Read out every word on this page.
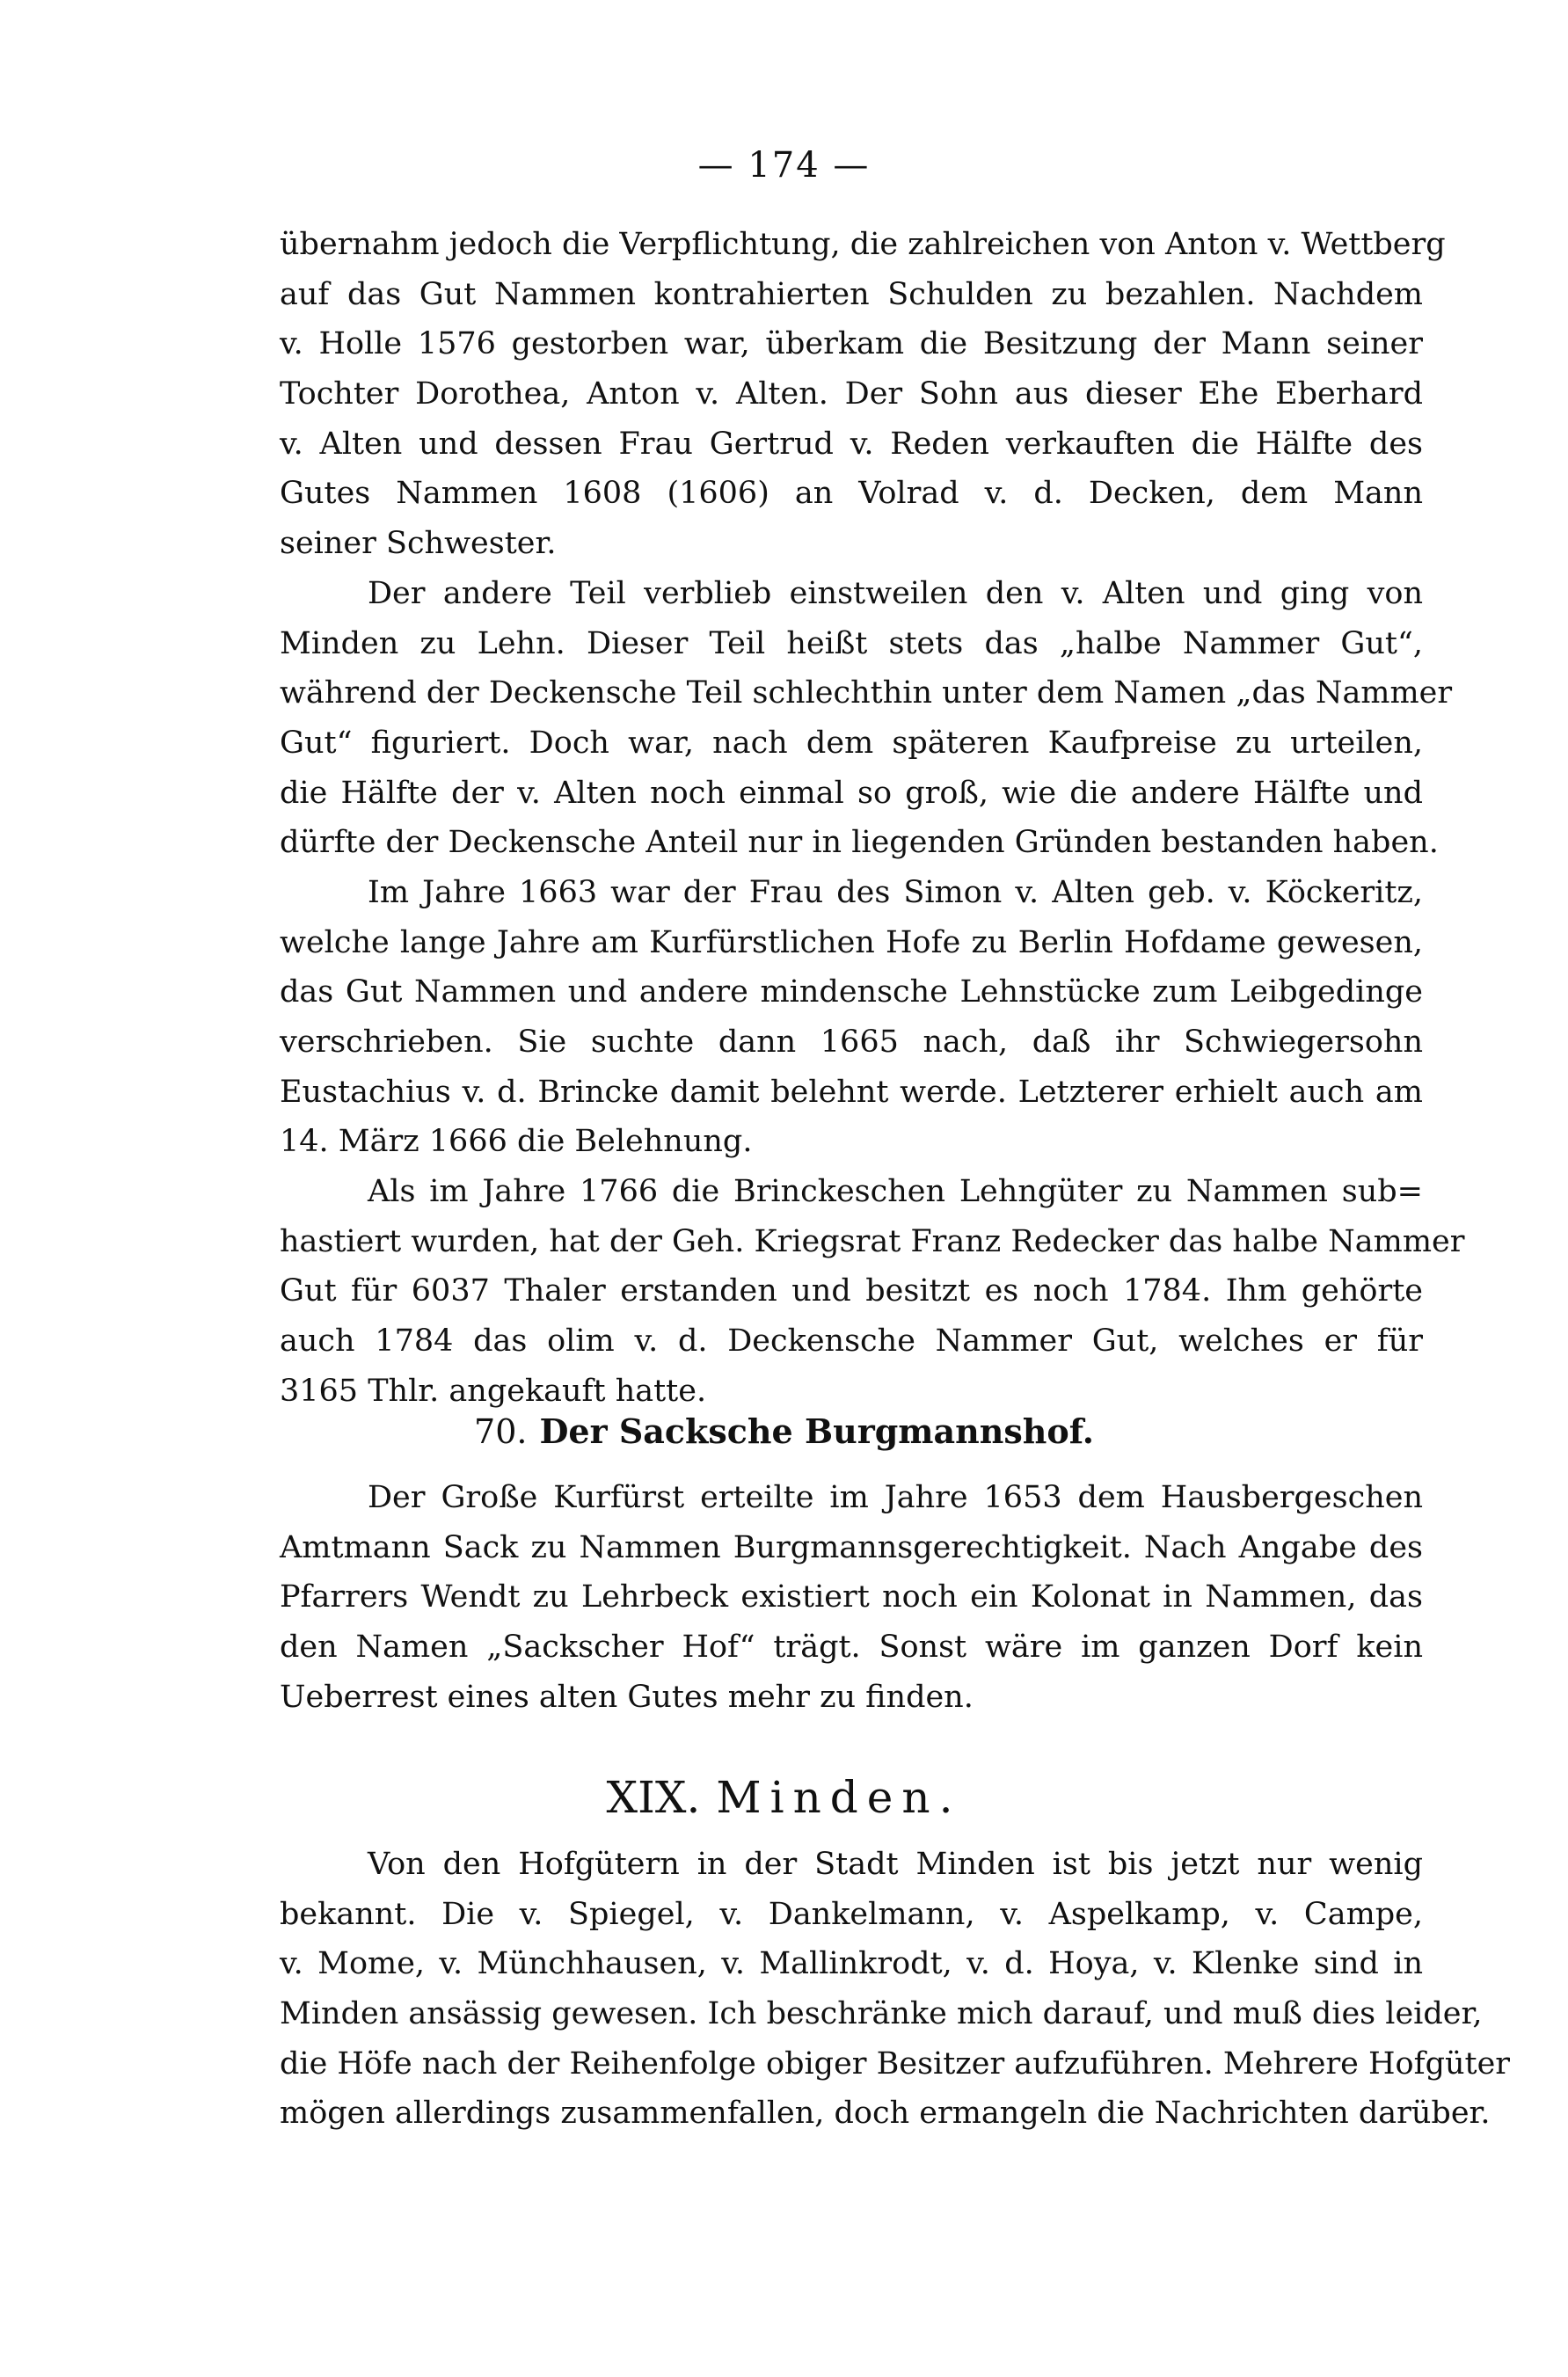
— 174 —
übernahm jedoch die Verpflichtung, die zahlreichen von Anton v. Wettberg
auf das Gut Nammen kontrahierten Schulden zu bezahlen. Nachdem
v. Holle 1576 gestorben war, überkam die Besitzung der Mann seiner
Tochter Dorothea, Anton v. Alten. Der Sohn aus dieser Ehe Eberhard
v. Alten und dessen Frau Gertrud v. Reden verkauften die Hälfte des
Gutes Nammen 1608 (1606) an Volrad v. d. Decken, dem Mann
seiner Schwester.
Der andere Teil verblieb einstweilen den v. Alten und ging von
Minden zu Lehn. Dieser Teil heißt stets das „halbe Nammer Gut“,
während der Deckensche Teil schlechthin unter dem Namen „das Nammer
Gut“ figuriert. Doch war, nach dem späteren Kaufpreise zu urteilen,
die Hälfte der v. Alten noch einmal so groß, wie die andere Hälfte und
dürfte der Deckensche Anteil nur in liegenden Gründen bestanden haben.
Im Jahre 1663 war der Frau des Simon v. Alten geb. v. Köckeritz,
welche lange Jahre am Kurfürstlichen Hofe zu Berlin Hofdame gewesen,
das Gut Nammen und andere mindensche Lehnstücke zum Leibgedinge
verschrieben. Sie suchte dann 1665 nach, daß ihr Schwiegersohn
Eustachius v. d. Brincke damit belehnt werde. Letzterer erhielt auch am
14. März 1666 die Belehnung.
Als im Jahre 1766 die Brinckeschen Lehngüter zu Nammen sub=
hastiert wurden, hat der Geh. Kriegsrat Franz Redecker das halbe Nammer
Gut für 6037 Thaler erstanden und besitzt es noch 1784. Ihm gehörte
auch 1784 das olim v. d. Deckensche Nammer Gut, welches er für
3165 Thlr. angekauft hatte.
70. Der Sacksche Burgmannshof.
Der Große Kurfürst erteilte im Jahre 1653 dem Hausbergeschen
Amtmann Sack zu Nammen Burgmannsgerechtigkeit. Nach Angabe des
Pfarrers Wendt zu Lehrbeck existiert noch ein Kolonat in Nammen, das
den Namen „Sackscher Hof“ trägt. Sonst wäre im ganzen Dorf kein
Ueberrest eines alten Gutes mehr zu finden.
XIX. Minden.
Von den Hofgütern in der Stadt Minden ist bis jetzt nur wenig
bekannt. Die v. Spiegel, v. Dankelmann, v. Aspelkamp, v. Campe,
v. Mome, v. Münchhausen, v. Mallinkrodt, v. d. Hoya, v. Klenke sind in
Minden ansässig gewesen. Ich beschränke mich darauf, und muß dies leider,
die Höfe nach der Reihenfolge obiger Besitzer aufzuführen. Mehrere Hofgüter
mögen allerdings zusammenfallen, doch ermangeln die Nachrichten darüber.
